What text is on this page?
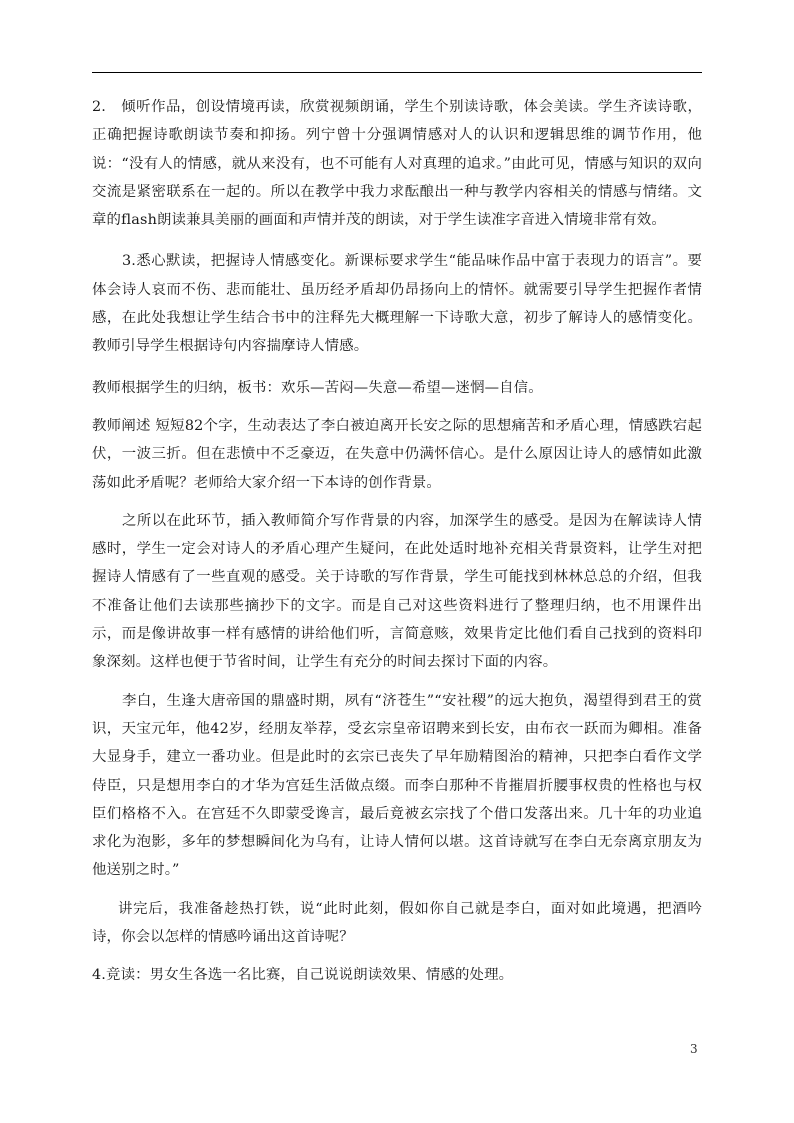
2.　倾听作品，创设情境再读，欣赏视频朗诵，学生个别读诗歌，体会美读。学生齐读诗歌，正确把握诗歌朗读节奏和抑扬。列宁曾十分强调情感对人的认识和逻辑思维的调节作用，他说：“没有人的情感，就从来没有，也不可能有人对真理的追求。”由此可见，情感与知识的双向交流是紧密联系在一起的。所以在教学中我力求酝酿出一种与教学内容相关的情感与情绪。文章的flash朗读兼具美丽的画面和声情并茂的朗读，对于学生读准字音进入情境非常有效。

3.悉心默读，把握诗人情感变化。新课标要求学生“能品味作品中富于表现力的语言”。要体会诗人哀而不伤、悲而能壮、虽历经矛盾却仍昂扬向上的情怀。就需要引导学生把握作者情感，在此处我想让学生结合书中的注释先大概理解一下诗歌大意，初步了解诗人的感情变化。教师引导学生根据诗句内容揣摩诗人情感。

教师根据学生的归纳，板书：欢乐—苦闷—失意—希望—迷惘—自信。

教师阐述 短短82个字，生动表达了李白被迫离开长安之际的思想痛苦和矛盾心理，情感跌宕起伏，一波三折。但在悲愤中不乏豪迈，在失意中仍满怀信心。是什么原因让诗人的感情如此激荡如此矛盾呢？老师给大家介绍一下本诗的创作背景。

之所以在此环节，插入教师简介写作背景的内容，加深学生的感受。是因为在解读诗人情感时，学生一定会对诗人的矛盾心理产生疑问，在此处适时地补充相关背景资料，让学生对把握诗人情感有了一些直观的感受。关于诗歌的写作背景，学生可能找到林林总总的介绍，但我不准备让他们去读那些摘抄下的文字。而是自己对这些资料进行了整理归纳，也不用课件出示，而是像讲故事一样有感情的讲给他们听，言简意赅，效果肯定比他们看自己找到的资料印象深刻。这样也便于节省时间，让学生有充分的时间去探讨下面的内容。

李白，生逢大唐帝国的鼎盛时期，夙有“济苍生”“安社稷”的远大抱负，渴望得到君王的赏识，天宝元年，他42岁，经朋友举荐，受玄宗皇帝诏聘来到长安，由布衣一跃而为卿相。准备大显身手，建立一番功业。但是此时的玄宗已丧失了早年励精图治的精神，只把李白看作文学侍臣，只是想用李白的才华为宫廷生活做点缀。而李白那种不肯摧眉折腰事权贵的性格也与权臣们格格不入。在宫廷不久即蒙受谗言，最后竟被玄宗找了个借口发落出来。几十年的功业追求化为泡影，多年的梦想瞬间化为乌有，让诗人情何以堪。这首诗就写在李白无奈离京朋友为他送别之时。”

讲完后，我准备趁热打铁，说“此时此刻，假如你自己就是李白，面对如此境遇，把酒吟诗，你会以怎样的情感吟诵出这首诗呢？

4.竞读：男女生各选一名比赛，自己说说朗读效果、情感的处理。

3
